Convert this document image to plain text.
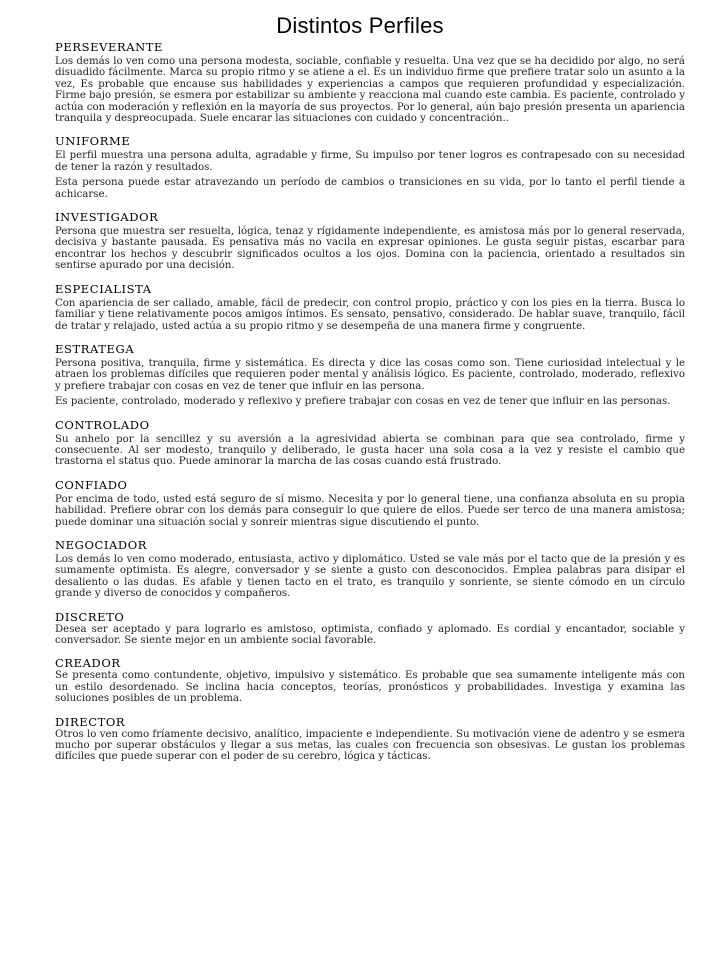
Distintos Perfiles
PERSEVERANTE

Los demás lo ven como una persona modesta, sociable, confiable y resuelta. Una vez que se ha decidido por algo, no será disuadido fácilmente. Marca su propio ritmo y se atiene a el. Es un individuo firme que prefiere tratar solo un asunto a la vez, Es probable que encause sus habilidades y experiencias a campos que requieren profundidad y especialización. Firme bajo presión, se esmera por estabilizar su ambiente y reacciona mal cuando este cambia. Es paciente, controlado y actúa con moderación y reflexión en la mayoría de sus proyectos. Por lo general, aún bajo presión presenta un apariencia tranquila y despreocupada. Suele encarar las situaciones con cuidado y concentración..

UNIFORME

El perfil muestra una persona adulta, agradable y firme, Su impulso por tener logros es contrapesado con su necesidad de tener la razón y resultados.

Esta persona puede estar atravezando un período de cambios o transiciones en su vida, por lo tanto el perfil tiende a achicarse.

INVESTIGADOR

Persona que muestra ser resuelta, lógica, tenaz y rígidamente independiente, es amistosa más por lo general reservada, decisiva y bastante pausada. Es pensativa más no vacila en expresar opiniones. Le gusta seguir pistas, escarbar para encontrar los hechos y descubrir significados ocultos a los ojos. Domina con la paciencia, orientado a resultados sin sentirse apurado por una decisión.

ESPECIALISTA

Con apariencia de ser callado, amable, fácil de predecir, con control propio, práctico y con los pies en la tierra. Busca lo familiar y tiene relativamente pocos amigos íntimos. Es sensato, pensativo, considerado. De hablar suave, tranquilo, fácil de tratar y relajado, usted actúa a su propio ritmo y se desempeña de una manera firme y congruente.

ESTRATEGA

Persona positiva, tranquila, firme y sistemática. Es directa y dice las cosas como son. Tiene curiosidad intelectual y le atraen los problemas difíciles que requieren poder mental y análisis lógico. Es paciente, controlado, moderado, reflexivo y prefiere trabajar con cosas en vez de tener que influir en las persona.

Es paciente, controlado, moderado y reflexivo y prefiere trabajar con cosas en vez de tener que influir en las personas.

CONTROLADO

Su anhelo por la sencillez y su aversión a la agresividad abierta se combinan para que sea controlado, firme y consecuente. Al ser modesto, tranquilo y deliberado, le gusta hacer una sola cosa a la vez y resiste el cambio que trastorna el status quo. Puede aminorar la marcha de las cosas cuando está frustrado.

CONFIADO

Por encima de todo, usted está seguro de sí mismo. Necesita y por lo general tiene, una confianza absoluta en su propia habilidad. Prefiere obrar con los demás para conseguir lo que quiere de ellos. Puede ser terco de una manera amistosa; puede dominar una situación social y sonreír mientras sigue discutiendo el punto.

NEGOCIADOR

Los demás lo ven como moderado, entusiasta, activo y diplomático. Usted se vale más por el tacto que de la presión y es sumamente optimista. Es alegre, conversador y se siente a gusto con desconocidos. Emplea palabras para disipar el desaliento o las dudas. Es afable y tienen tacto en el trato, es tranquilo y sonriente, se siente cómodo en un círculo grande y diverso de conocidos y compañeros.

DISCRETO

Desea ser aceptado y para lograrlo es amistoso, optimista, confiado y aplomado. Es cordial y encantador, sociable y conversador. Se siente mejor en un ambiente social favorable.

CREADOR

Se presenta como contundente, objetivo, impulsivo y sistemático. Es probable que sea sumamente inteligente más con un estilo desordenado. Se inclina hacia conceptos, teorías, pronósticos y probabilidades. Investiga y examina las soluciones posibles de un problema.

DIRECTOR

Otros lo ven como fríamente decisivo, analítico, impaciente e independiente. Su motivación viene de adentro y se esmera mucho por superar obstáculos y llegar a sus metas, las cuales con frecuencia son obsesivas. Le gustan los problemas difíciles que puede superar con el poder de su cerebro, lógica y tácticas.
